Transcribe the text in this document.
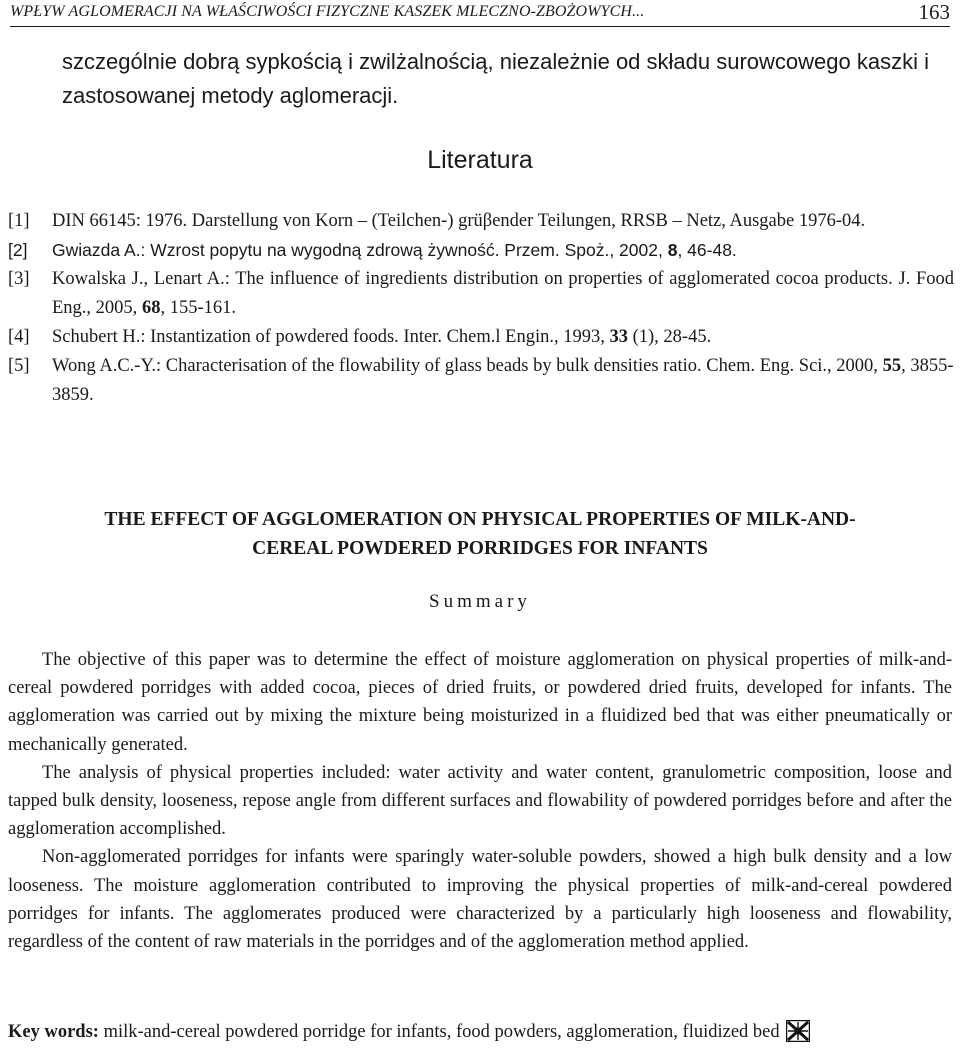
WPŁYW AGLOMERACJI NA WŁAŚCIWOŚCI FIZYCZNE KASZEK MLECZNO-ZBOŻOWYCH...	163

szczególnie dobrą sypkością i zwilżalnością, niezależnie od składu surowcowego kaszki i zastosowanej metody aglomeracji.

Literatura
[1] DIN 66145: 1976. Darstellung von Korn – (Teilchen-) grüβender Teilungen, RRSB – Netz, Ausgabe 1976-04.
[2] Gwiazda A.: Wzrost popytu na wygodną zdrową żywność. Przem. Spoż., 2002, 8, 46-48.
[3] Kowalska J., Lenart A.: The influence of ingredients distribution on properties of agglomerated cocoa products. J. Food Eng., 2005, 68, 155-161.
[4] Schubert H.: Instantization of powdered foods. Inter. Chem.l Engin., 1993, 33 (1), 28-45.
[5] Wong A.C.-Y.: Characterisation of the flowability of glass beads by bulk densities ratio. Chem. Eng. Sci., 2000, 55, 3855-3859.
THE EFFECT OF AGGLOMERATION ON PHYSICAL PROPERTIES OF MILK-AND-
CEREAL POWDERED PORRIDGES FOR INFANTS
Summary

The objective of this paper was to determine the effect of moisture agglomeration on physical properties of milk-and-cereal powdered porridges with added cocoa, pieces of dried fruits, or powdered dried fruits, developed for infants. The agglomeration was carried out by mixing the mixture being moisturized in a fluidized bed that was either pneumatically or mechanically generated.

The analysis of physical properties included: water activity and water content, granulometric composition, loose and tapped bulk density, looseness, repose angle from different surfaces and flowability of powdered porridges before and after the agglomeration accomplished.

Non-agglomerated porridges for infants were sparingly water-soluble powders, showed a high bulk density and a low looseness. The moisture agglomeration contributed to improving the physical properties of milk-and-cereal powdered porridges for infants. The agglomerates produced were characterized by a particularly high looseness and flowability, regardless of the content of raw materials in the porridges and of the agglomeration method applied.

Key words: milk-and-cereal powdered porridge for infants, food powders, agglomeration, fluidized bed
